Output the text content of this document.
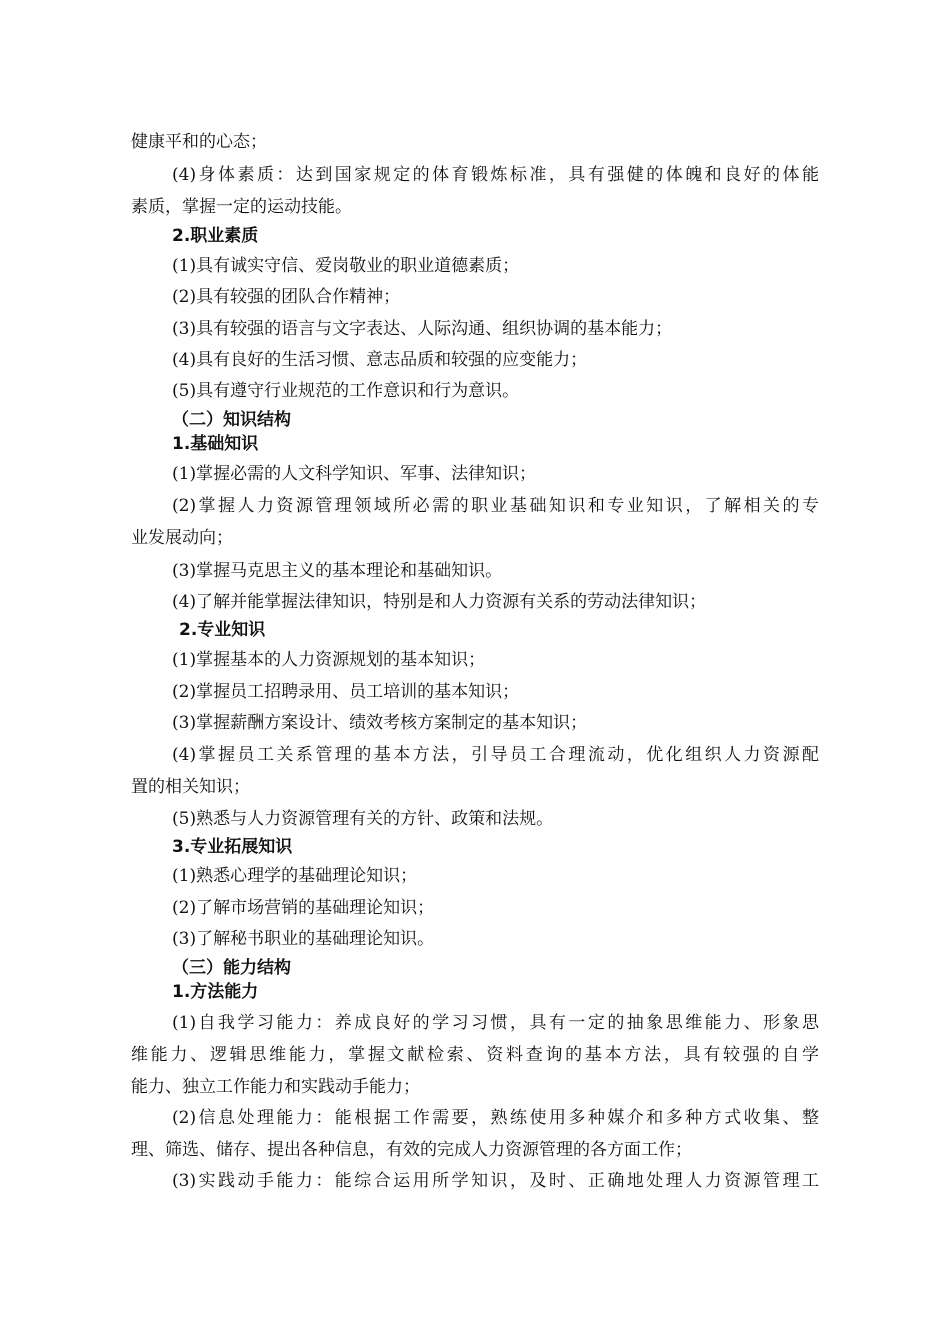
健康平和的心态；
(4)身体素质：达到国家规定的体育锻炼标准，具有强健的体魄和良好的体能
素质，掌握一定的运动技能。
2.职业素质
(1)具有诚实守信、爱岗敬业的职业道德素质；
(2)具有较强的团队合作精神；
(3)具有较强的语言与文字表达、人际沟通、组织协调的基本能力；
(4)具有良好的生活习惯、意志品质和较强的应变能力；
(5)具有遵守行业规范的工作意识和行为意识。
（二）知识结构
1.基础知识
(1)掌握必需的人文科学知识、军事、法律知识；
(2)掌握人力资源管理领域所必需的职业基础知识和专业知识，了解相关的专
业发展动向；
(3)掌握马克思主义的基本理论和基础知识。
(4)了解并能掌握法律知识，特别是和人力资源有关系的劳动法律知识；
2.专业知识
(1)掌握基本的人力资源规划的基本知识；
(2)掌握员工招聘录用、员工培训的基本知识；
(3)掌握薪酬方案设计、绩效考核方案制定的基本知识；
(4)掌握员工关系管理的基本方法，引导员工合理流动，优化组织人力资源配
置的相关知识；
(5)熟悉与人力资源管理有关的方针、政策和法规。
3.专业拓展知识
(1)熟悉心理学的基础理论知识；
(2)了解市场营销的基础理论知识；
(3)了解秘书职业的基础理论知识。
（三）能力结构
1.方法能力
(1)自我学习能力：养成良好的学习习惯，具有一定的抽象思维能力、形象思
维能力、逻辑思维能力，掌握文献检索、资料查询的基本方法，具有较强的自学
能力、独立工作能力和实践动手能力；
(2)信息处理能力：能根据工作需要，熟练使用多种媒介和多种方式收集、整
理、筛选、储存、提出各种信息，有效的完成人力资源管理的各方面工作；
(3)实践动手能力：能综合运用所学知识，及时、正确地处理人力资源管理工
